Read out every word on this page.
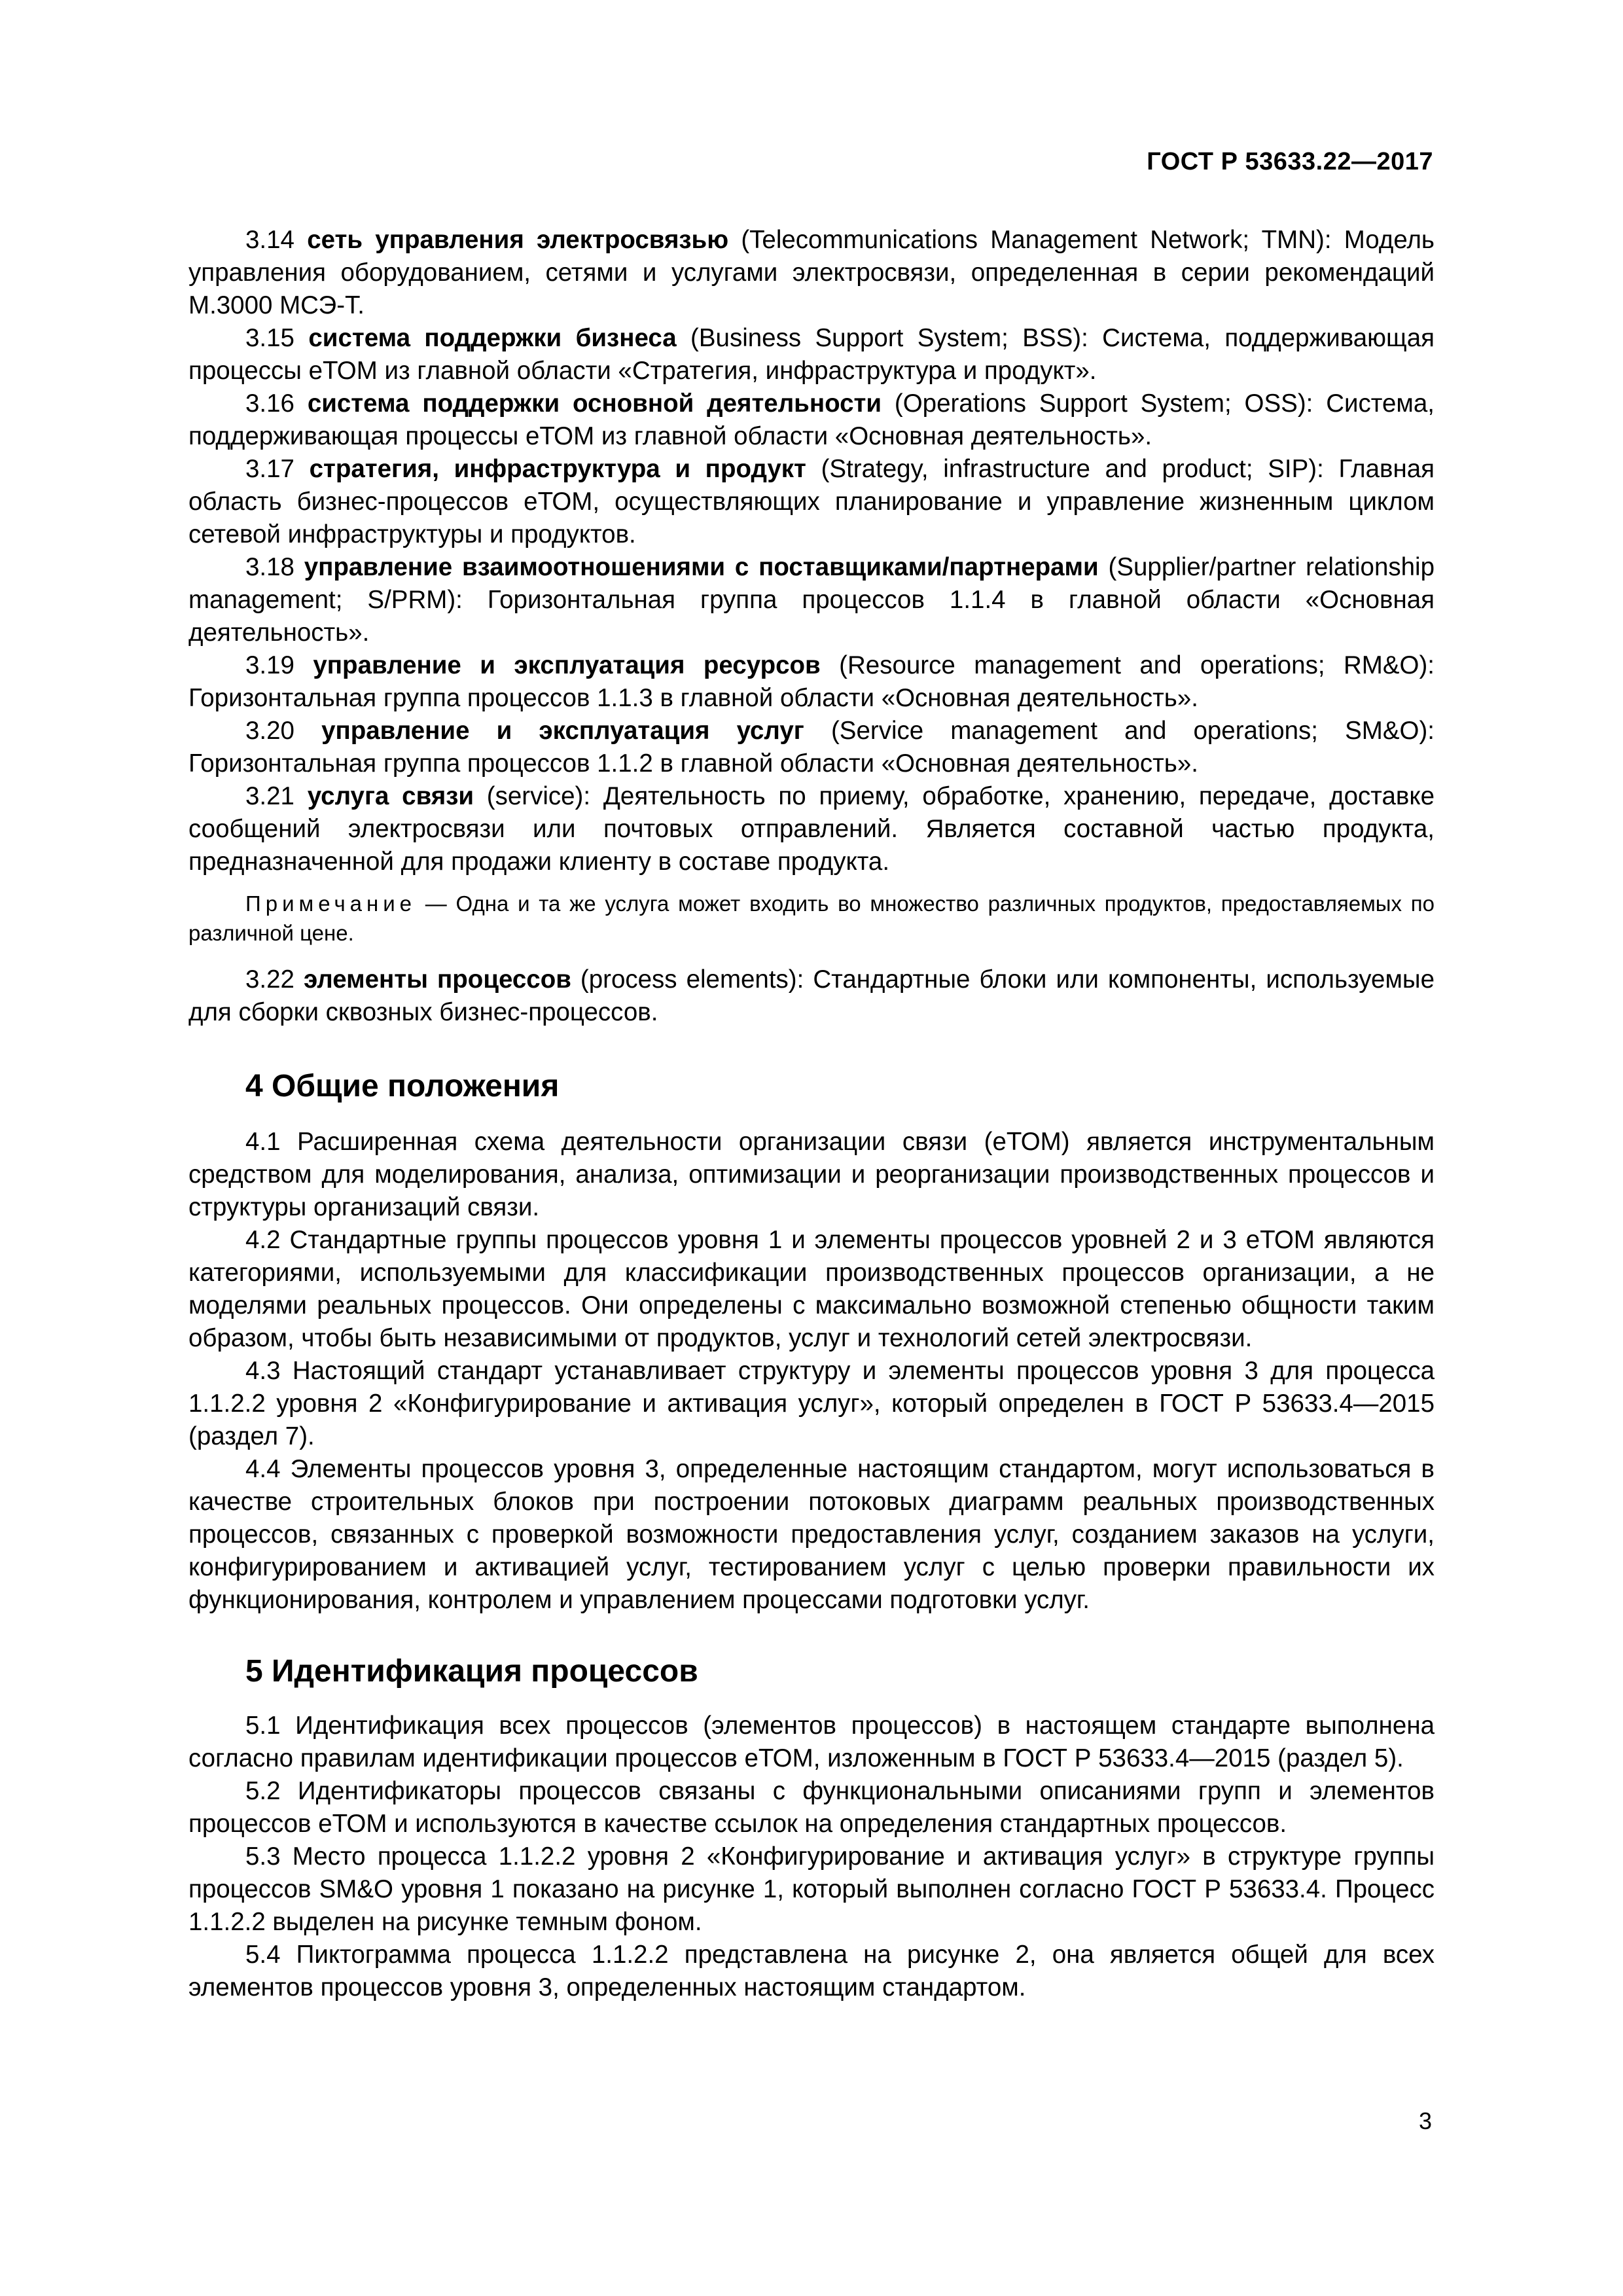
ГОСТ Р 53633.22—2017

3.14 сеть управления электросвязью (Telecommunications Management Network; TMN): Модель управления оборудованием, сетями и услугами электросвязи, определенная в серии рекомендаций М.3000 МСЭ-Т.

3.15 система поддержки бизнеса (Business Support System; BSS): Система, поддерживающая процессы еТОМ из главной области «Стратегия, инфраструктура и продукт».

3.16 система поддержки основной деятельности (Operations Support System; OSS): Система, поддерживающая процессы еТОМ из главной области «Основная деятельность».

3.17 стратегия, инфраструктура и продукт (Strategy, infrastructure and product; SIP): Главная область бизнес-процессов еТОМ, осуществляющих планирование и управление жизненным циклом сетевой инфраструктуры и продуктов.

3.18 управление взаимоотношениями с поставщиками/партнерами (Supplier/partner relationship management; S/PRM): Горизонтальная группа процессов 1.1.4 в главной области «Основная деятельность».

3.19 управление и эксплуатация ресурсов (Resource management and operations; RM&O): Горизонтальная группа процессов 1.1.3 в главной области «Основная деятельность».

3.20 управление и эксплуатация услуг (Service management and operations; SM&O): Горизонтальная группа процессов 1.1.2 в главной области «Основная деятельность».

3.21 услуга связи (service): Деятельность по приему, обработке, хранению, передаче, доставке сообщений электросвязи или почтовых отправлений. Является составной частью продукта, предназначенной для продажи клиенту в составе продукта.

Примечание — Одна и та же услуга может входить во множество различных продуктов, предоставляемых по различной цене.

3.22 элементы процессов (process elements): Стандартные блоки или компоненты, используемые для сборки сквозных бизнес-процессов.

4 Общие положения

4.1 Расширенная схема деятельности организации связи (еТОМ) является инструментальным средством для моделирования, анализа, оптимизации и реорганизации производственных процессов и структуры организаций связи.

4.2 Стандартные группы процессов уровня 1 и элементы процессов уровней 2 и 3 еТОМ являются категориями, используемыми для классификации производственных процессов организации, а не моделями реальных процессов. Они определены с максимально возможной степенью общности таким образом, чтобы быть независимыми от продуктов, услуг и технологий сетей электросвязи.

4.3 Настоящий стандарт устанавливает структуру и элементы процессов уровня 3 для процесса 1.1.2.2 уровня 2 «Конфигурирование и активация услуг», который определен в ГОСТ Р 53633.4—2015 (раздел 7).

4.4 Элементы процессов уровня 3, определенные настоящим стандартом, могут использоваться в качестве строительных блоков при построении потоковых диаграмм реальных производственных процессов, связанных с проверкой возможности предоставления услуг, созданием заказов на услуги, конфигурированием и активацией услуг, тестированием услуг с целью проверки правильности их функционирования, контролем и управлением процессами подготовки услуг.

5 Идентификация процессов

5.1 Идентификация всех процессов (элементов процессов) в настоящем стандарте выполнена согласно правилам идентификации процессов еТОМ, изложенным в ГОСТ Р 53633.4—2015 (раздел 5).

5.2 Идентификаторы процессов связаны с функциональными описаниями групп и элементов процессов еТОМ и используются в качестве ссылок на определения стандартных процессов.

5.3 Место процесса 1.1.2.2 уровня 2 «Конфигурирование и активация услуг» в структуре группы процессов SM&O уровня 1 показано на рисунке 1, который выполнен согласно ГОСТ Р 53633.4. Процесс 1.1.2.2 выделен на рисунке темным фоном.

5.4 Пиктограмма процесса 1.1.2.2 представлена на рисунке 2, она является общей для всех элементов процессов уровня 3, определенных настоящим стандартом.

3
